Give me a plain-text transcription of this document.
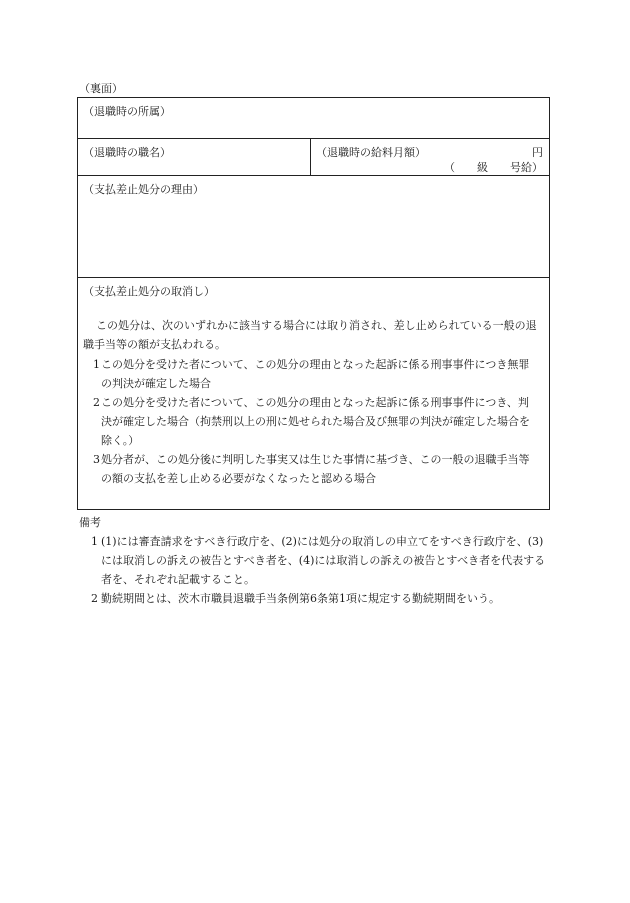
（裏面）
（退職時の所属）
（退職時の職名）	（退職時の給料月額）	円
（　　級　　号給）
（支払差止処分の理由）
（支払差止処分の取消し）
この処分は、次のいずれかに該当する場合には取り消され、差し止められている一般の退職手当等の額が支払われる。
1 この処分を受けた者について、この処分の理由となった起訴に係る刑事事件につき無罪の判決が確定した場合
2 この処分を受けた者について、この処分の理由となった起訴に係る刑事事件につき、判決が確定した場合（拘禁刑以上の刑に処せられた場合及び無罪の判決が確定した場合を除く。）
3 処分者が、この処分後に判明した事実又は生じた事情に基づき、この一般の退職手当等の額の支払を差し止める必要がなくなったと認める場合
備考
1 (1)には審査請求をすべき行政庁を、(2)には処分の取消しの申立てをすべき行政庁を、(3)には取消しの訴えの被告とすべき者を、(4)には取消しの訴えの被告とすべき者を代表する者を、それぞれ記載すること。
2 勤続期間とは、茨木市職員退職手当条例第6条第1項に規定する勤続期間をいう。
